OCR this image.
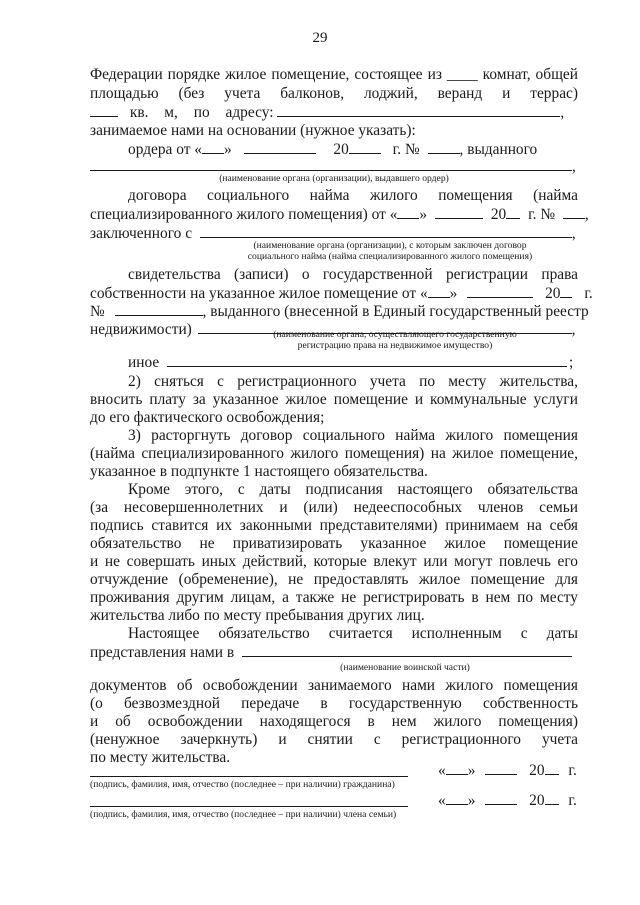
29
Федерации порядке жилое помещение, состоящее из ____ комнат, общей
площадью (без учета балконов, лоджий, веранд и террас)
кв. м, по адресу:	,
занимаемое нами на основании (нужное указать):
ордера от « »	20	г. №	, выданного
,
(наименование органа (организации), выдавшего ордер)
договора социального найма жилого помещения (найма
специализированного жилого помещения) от « »	20 г. № ,
заключенного с	,
(наименование органа (организации), с которым заключен договор
социального найма (найма специализированного жилого помещения)
свидетельства (записи) о государственной регистрации права
собственности на указанное жилое помещение от « »	20 г.
№	, выданного (внесенной в Единый государственный реестр
недвижимости)	,
(наименование органа, осуществляющего государственную
регистрацию права на недвижимое имущество)
иное	;
2) сняться с регистрационного учета по месту жительства,
вносить плату за указанное жилое помещение и коммунальные услуги
до его фактического освобождения;
3) расторгнуть договор социального найма жилого помещения
(найма специализированного жилого помещения) на жилое помещение,
указанное в подпункте 1 настоящего обязательства.
Кроме этого, с даты подписания настоящего обязательства
(за несовершеннолетних и (или) недееспособных членов семьи
подпись ставится их законными представителями) принимаем на себя
обязательство не приватизировать указанное жилое помещение
и не совершать иных действий, которые влекут или могут повлечь его
отчуждение (обременение), не предоставлять жилое помещение для
проживания другим лицам, а также не регистрировать в нем по месту
жительства либо по месту пребывания других лиц.
Настоящее обязательство считается исполненным с даты
представления нами в
(наименование воинской части)
документов об освобождении занимаемого нами жилого помещения
(о безвозмездной передаче в государственную собственность
и об освобождении находящегося в нем жилого помещения)
(ненужное зачеркнуть) и снятии с регистрационного учета
по месту жительства.
« »	20 г.
(подпись, фамилия, имя, отчество (последнее – при наличии) гражданина)
« »	20 г.
(подпись, фамилия, имя, отчество (последнее – при наличии) члена семьи)
